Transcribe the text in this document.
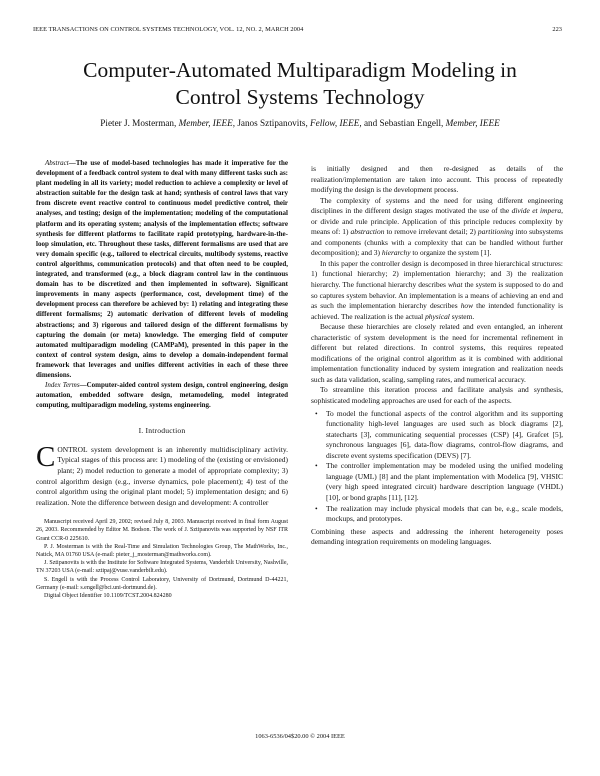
IEEE TRANSACTIONS ON CONTROL SYSTEMS TECHNOLOGY, VOL. 12, NO. 2, MARCH 2004	223
Computer-Automated Multiparadigm Modeling in
Control Systems Technology
Pieter J. Mosterman, Member, IEEE, Janos Sztipanovits, Fellow, IEEE, and Sebastian Engell, Member, IEEE

Abstract—The use of model-based technologies has made it imperative for the development of a feedback control system to deal with many different tasks such as: plant modeling in all its variety; model reduction to achieve a complexity or level of abstraction suitable for the design task at hand; synthesis of control laws that vary from discrete event reactive control to continuous model predictive control, their analyses, and testing; design of the implementation; modeling of the computational platform and its operating system; analysis of the implementation effects; software synthesis for different platforms to facilitate rapid prototyping, hardware-in-the-loop simulation, etc. Throughout these tasks, different formalisms are used that are very domain specific (e.g., tailored to electrical circuits, multibody systems, reactive control algorithms, communication protocols) and that often need to be coupled, integrated, and transformed (e.g., a block diagram control law in the continuous domain has to be discretized and then implemented in software). Significant improvements in many aspects (performance, cost, development time) of the development process can therefore be achieved by: 1) relating and integrating these different formalisms; 2) automatic derivation of different levels of modeling abstractions; and 3) rigorous and tailored design of the different formalisms by capturing the domain (or meta) knowledge. The emerging field of computer automated multiparadigm modeling (CAMPaM), presented in this paper in the context of control system design, aims to develop a domain-independent formal framework that leverages and unifies different activities in each of these three dimensions.

Index Terms—Computer-aided control system design, control engineering, design automation, embedded software design, metamodeling, model integrated computing, multiparadigm modeling, systems engineering.

I. Introduction

CONTROL system development is an inherently multidisciplinary activity. Typical stages of this process are: 1) modeling of the (existing or envisioned) plant; 2) model reduction to generate a model of appropriate complexity; 3) control algorithm design (e.g., inverse dynamics, pole placement); 4) test of the control algorithm using the original plant model; 5) implementation design; and 6) realization. Note the difference between design and development: A controller

Manuscript received April 29, 2002; revised July 8, 2003. Manuscript received in final form August 26, 2003. Recommended by Editor M. Bodson. The work of J. Sztipanovits was supported by NSF ITR Grant CCR-0 225610.

P. J. Mosterman is with the Real-Time and Simulation Technologies Group, The MathWorks, Inc., Natick, MA 01760 USA (e-mail: pieter_j_mosterman@mathworks.com).

J. Sztipanovits is with the Institute for Software Integrated Systems, Vanderbilt University, Nashville, TN 37203 USA (e-mail: sztipaj@vuse.vanderbilt.edu).

S. Engell is with the Process Control Laboratory, University of Dortmund, Dortmund D-44221, Germany (e-mail: s.engell@bci.uni-dortmund.de).

Digital Object Identifier 10.1109/TCST.2004.824280

is initially designed and then re-designed as details of the realization/implementation are taken into account. This process of repeatedly modifying the design is the development process.

The complexity of systems and the need for using different engineering disciplines in the different design stages motivated the use of the divide et impera, or divide and rule principle. Application of this principle reduces complexity by means of: 1) abstraction to remove irrelevant detail; 2) partitioning into subsystems and components (chunks with a complexity that can be handled without further decomposition); and 3) hierarchy to organize the system [1].

In this paper the controller design is decomposed in three hierarchical structures: 1) functional hierarchy; 2) implementation hierarchy; and 3) the realization hierarchy. The functional hierarchy describes what the system is supposed to do and so captures system behavior. An implementation is a means of achieving an end and as such the implementation hierarchy describes how the intended functionality is achieved. The realization is the actual physical system.

Because these hierarchies are closely related and even entangled, an inherent characteristic of system development is the need for incremental refinement in different but related directions. In control systems, this requires repeated modifications of the original control algorithm as it is combined with additional implementation functionality induced by system integration and realization needs such as data validation, scaling, sampling rates, and numerical accuracy.

To streamline this iteration process and facilitate analysis and synthesis, sophisticated modeling approaches are used for each of the aspects.

• To model the functional aspects of the control algorithm and its supporting functionality high-level languages are used such as block diagrams [2], statecharts [3], communicating sequential processes (CSP) [4], Grafcet [5], synchronous languages [6], data-flow diagrams, control-flow diagrams, and discrete event systems specification (DEVS) [7].
• The controller implementation may be modeled using the unified modeling language (UML) [8] and the plant implementation with Modelica [9], VHSIC (very high speed integrated circuit) hardware description language (VHDL) [10], or bond graphs [11], [12].
• The realization may include physical models that can be, e.g., scale models, mockups, and prototypes.

Combining these aspects and addressing the inherent heterogeneity poses demanding integration requirements on modeling languages.

1063-6536/04$20.00 © 2004 IEEE
